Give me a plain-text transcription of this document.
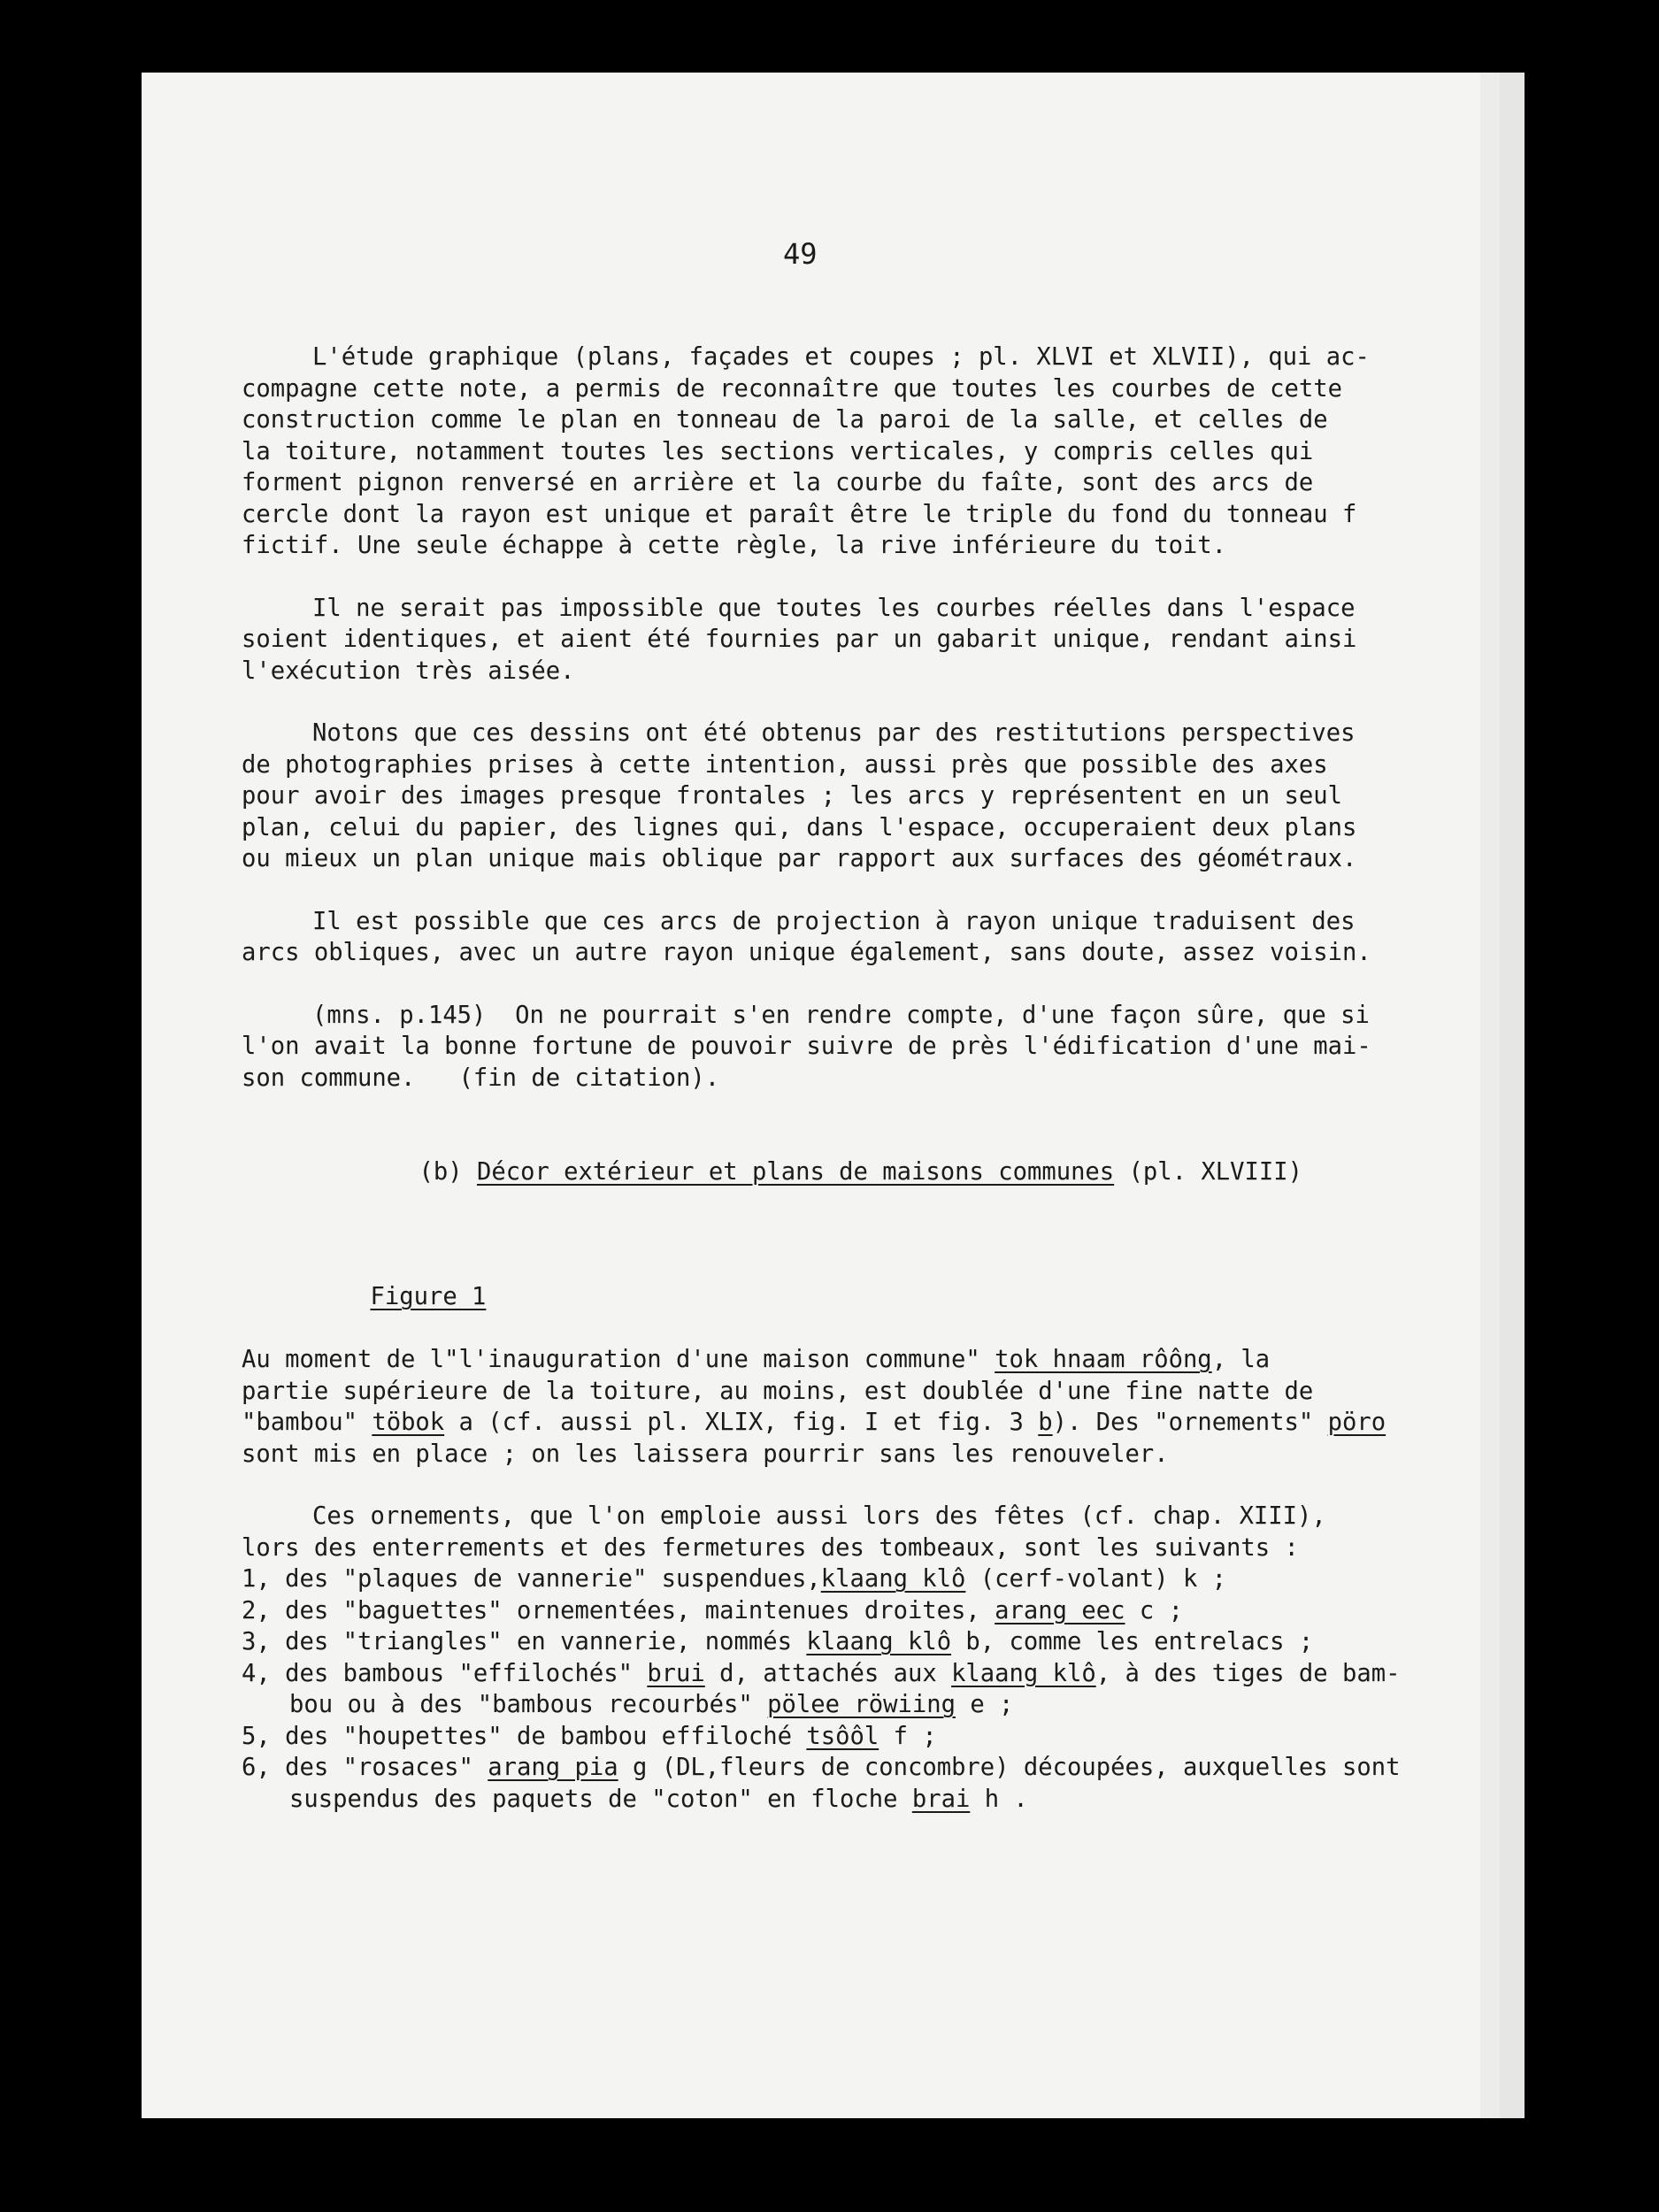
49
L'étude graphique (plans, façades et coupes ; pl. XLVI et XLVII), qui ac-
compagne cette note, a permis de reconnaître que toutes les courbes de cette
construction comme le plan en tonneau de la paroi de la salle, et celles de
la toiture, notamment toutes les sections verticales, y compris celles qui
forment pignon renversé en arrière et la courbe du faîte, sont des arcs de
cercle dont la rayon est unique et paraît être le triple du fond du tonneau f
fictif. Une seule échappe à cette règle, la rive inférieure du toit.
Il ne serait pas impossible que toutes les courbes réelles dans l'espace
soient identiques, et aient été fournies par un gabarit unique, rendant ainsi
l'exécution très aisée.
Notons que ces dessins ont été obtenus par des restitutions perspectives
de photographies prises à cette intention, aussi près que possible des axes
pour avoir des images presque frontales ; les arcs y représentent en un seul
plan, celui du papier, des lignes qui, dans l'espace, occuperaient deux plans
ou mieux un plan unique mais oblique par rapport aux surfaces des géométraux.
Il est possible que ces arcs de projection à rayon unique traduisent des
arcs obliques, avec un autre rayon unique également, sans doute, assez voisin.
(mns. p.145)  On ne pourrait s'en rendre compte, d'une façon sûre, que si
l'on avait la bonne fortune de pouvoir suivre de près l'édification d'une mai-
son commune.   (fin de citation).

(b) Décor extérieur et plans de maisons communes (pl. XLVIII)

Figure 1

Au moment de l"l'inauguration d'une maison commune" tok hnaam rôông, la
partie supérieure de la toiture, au moins, est doublée d'une fine natte de
"bambou" töbok a (cf. aussi pl. XLIX, fig. I et fig. 3 b). Des "ornements" pöro
sont mis en place ; on les laissera pourrir sans les renouveler.
Ces ornements, que l'on emploie aussi lors des fêtes (cf. chap. XIII),
lors des enterrements et des fermetures des tombeaux, sont les suivants :
1, des "plaques de vannerie" suspendues,klaang klô (cerf-volant) k ;
2, des "baguettes" ornementées, maintenues droites, arang eec c ;
3, des "triangles" en vannerie, nommés klaang klô b, comme les entrelacs ;
4, des bambous "effilochés" brui d, attachés aux klaang klô, à des tiges de bam-
bou ou à des "bambous recourbés" pölee röwiing e ;
5, des "houpettes" de bambou effiloché tsôôl f ;
6, des "rosaces" arang pia g (DL,fleurs de concombre) découpées, auxquelles sont
suspendus des paquets de "coton" en floche brai h .
